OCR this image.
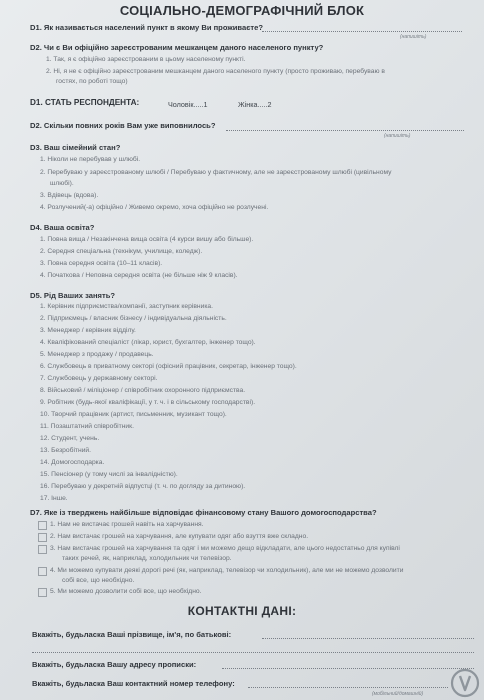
СОЦІАЛЬНО-ДЕМОГРАФІЧНИЙ БЛОК
D1. Як називається населений пункт в якому Ви проживаєте?
(напишіть)
D2. Чи є Ви офіційно зареєстрованим мешканцем даного населеного пункту?
1. Так, я є офіційно зареєстрованим в цьому населеному пункті.
2. Ні, я не є офіційно зареєстрованим мешканцем даного населеного пункту (просто проживаю, перебуваю в
гостях, по роботі тощо)
D1. СТАТЬ РЕСПОНДЕНТА:	Чоловік.....1	Жінка.....2
D2. Скільки повних років Вам уже виповнилось?
(напишіть)
D3. Ваш сімейний стан?
1. Ніколи не перебував у шлюбі.
2. Перебуваю у зареєстрованому шлюбі / Перебуваю у фактичному, але не зареєстрованому шлюбі (цивільному
шлюбі).
3. Вдівець (вдова).
4. Розлучений(-а) офіційно / Живемо окремо, хоча офіційно не розлучені.
D4. Ваша освіта?
1. Повна вища / Незакінчена вища освіта (4 курси вишу або більше).
2. Середня спеціальна (технікум, училище, коледж).
3. Повна середня освіта (10–11 класів).
4. Початкова / Неповна середня освіта (не більше ніж 9 класів).
D5. Рід Ваших занять?
1. Керівник підприємства/компанії, заступник керівника.
2. Підприємець / власник бізнесу / індивідуальна діяльність.
3. Менеджер / керівник відділу.
4. Кваліфікований спеціаліст (лікар, юрист, бухгалтер, інженер тощо).
5. Менеджер з продажу / продавець.
6. Службовець в приватному секторі (офісний працівник, секретар, інженер тощо).
7. Службовець у державному секторі.
8. Військовий / міліціонер / співробітник охоронного підприємства.
9. Робітник (будь-якої кваліфікації, у т. ч. і в сільському господарстві).
10. Творчий працівник (артист, письменник, музикант тощо).
11. Позаштатний співробітник.
12. Студент, учень.
13. Безробітний.
14. Домогосподарка.
15. Пенсіонер (у тому числі за інвалідністю).
16. Перебуваю у декретній відпустці (т. ч. по догляду за дитиною).
17. Інше.
D7. Яке із тверджень найбільше відповідає фінансовому стану Вашого домогосподарства?
1. Нам не вистачає грошей навіть на харчування.
2. Нам вистачає грошей на харчування, але купувати одяг або взуття вже складно.
3. Нам вистачає грошей на харчування та одяг і ми можемо дещо відкладати, але цього недостатньо для купівлі
таких речей, як, наприклад, холодильник чи телевізор.
4. Ми можемо купувати деякі дорогі речі (як, наприклад, телевізор чи холодильник), але ми не можемо дозволити
собі все, що необхідно.
5. Ми можемо дозволити собі все, що необхідно.
КОНТАКТНІ ДАНІ:
Вкажіть, будьласка Ваші прізвище, ім'я, по батькові:
Вкажіть, будьласка Вашу адресу прописки:
Вкажіть, будьласка Ваш контактний номер телефону:
(мобільний/домашній)
